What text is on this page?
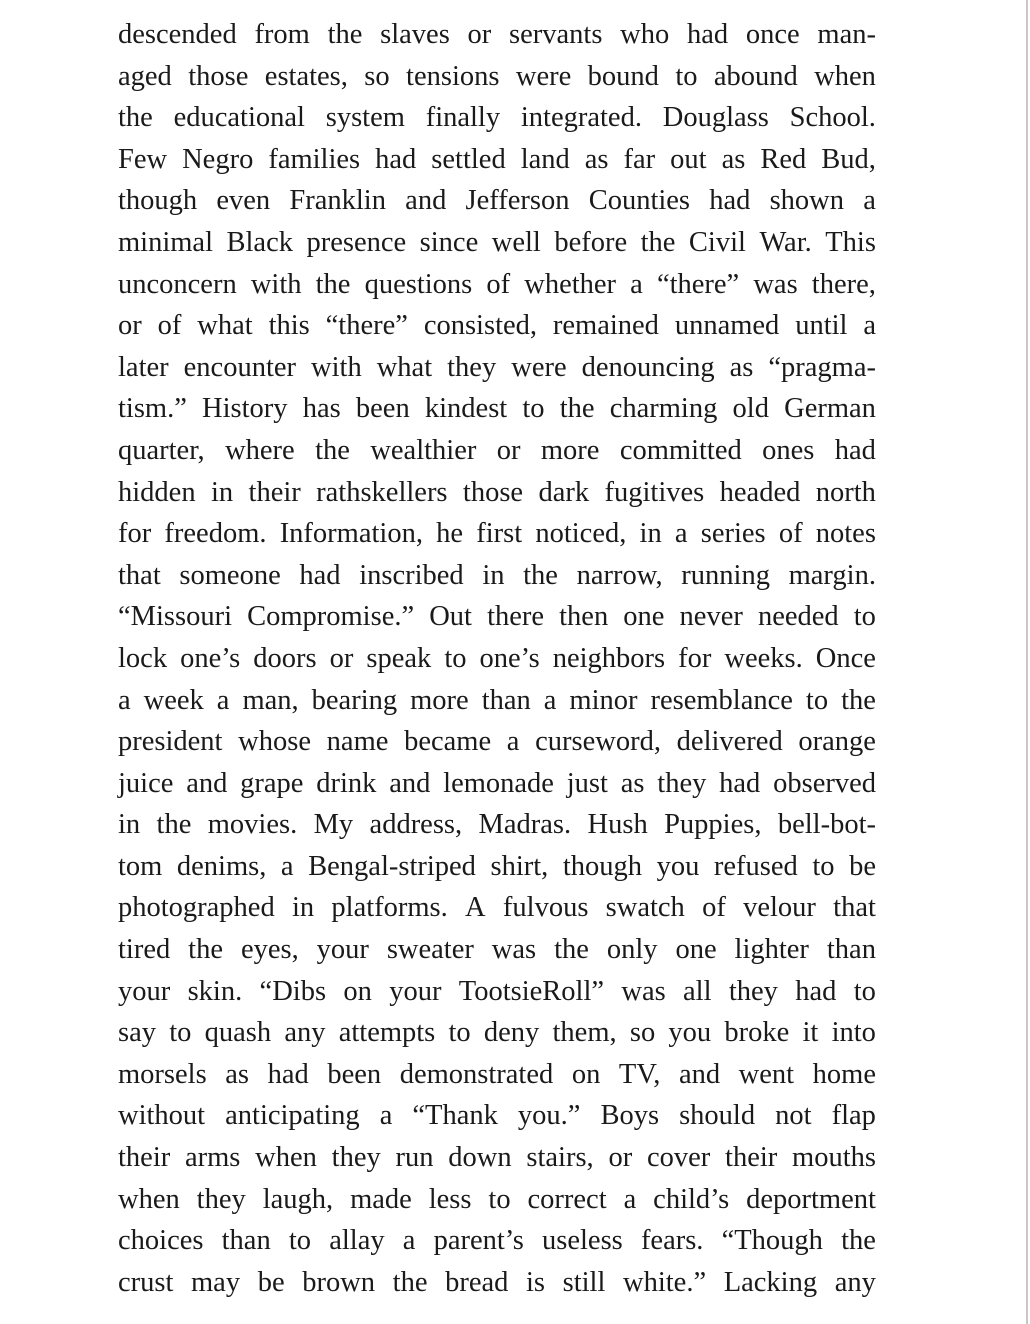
descended from the slaves or servants who had once man-
aged those estates, so tensions were bound to abound when
the educational system finally integrated. Douglass School.
Few Negro families had settled land as far out as Red Bud,
though even Franklin and Jefferson Counties had shown a
minimal Black presence since well before the Civil War. This
unconcern with the questions of whether a “there” was there,
or of what this “there” consisted, remained unnamed until a
later encounter with what they were denouncing as “pragma-
tism.” History has been kindest to the charming old German
quarter, where the wealthier or more committed ones had
hidden in their rathskellers those dark fugitives headed north
for freedom. Information, he first noticed, in a series of notes
that someone had inscribed in the narrow, running margin.
“Missouri Compromise.” Out there then one never needed to
lock one’s doors or speak to one’s neighbors for weeks. Once
a week a man, bearing more than a minor resemblance to the
president whose name became a curseword, delivered orange
juice and grape drink and lemonade just as they had observed
in the movies. My address, Madras. Hush Puppies, bell-bot-
tom denims, a Bengal-striped shirt, though you refused to be
photographed in platforms. A fulvous swatch of velour that
tired the eyes, your sweater was the only one lighter than
your skin. “Dibs on your TootsieRoll” was all they had to
say to quash any attempts to deny them, so you broke it into
morsels as had been demonstrated on TV, and went home
without anticipating a “Thank you.” Boys should not flap
their arms when they run down stairs, or cover their mouths
when they laugh, made less to correct a child’s deportment
choices than to allay a parent’s useless fears. “Though the
crust may be brown the bread is still white.” Lacking any
